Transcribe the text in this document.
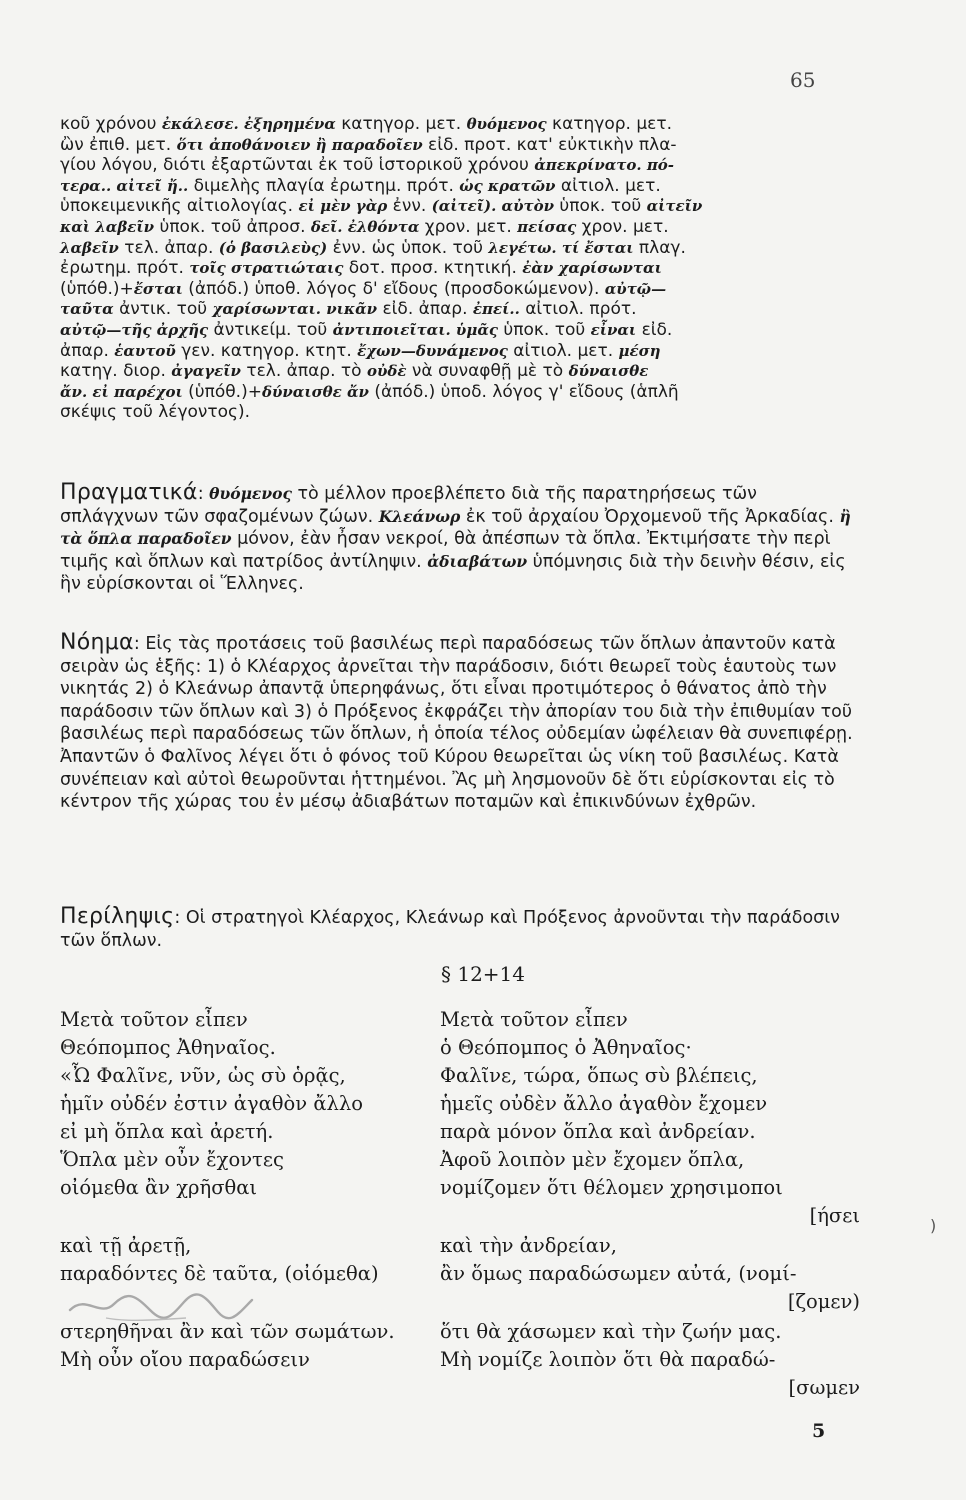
65

κοῦ χρόνου ἐκάλεσε. ἐξηρημένα κατηγορ. μετ. θυόμενος κατηγορ. μετ.

ὢν ἐπιθ. μετ. ὅτι ἀποθάνοιεν ἢ παραδοῖεν εἰδ. προτ. κατ' εὐκτικὴν πλα-

γίου λόγου, διότι ἐξαρτῶνται ἐκ τοῦ ἱστορικοῦ χρόνου ἀπεκρίνατο. πό-

τερα.. αἰτεῖ ἤ.. διμελὴς πλαγία ἐρωτημ. πρότ. ὡς κρατῶν αἰτιολ. μετ.

ὑποκειμενικῆς αἰτιολογίας. εἰ μὲν γὰρ ἐνν. (αἰτεῖ). αὐτὸν ὑποκ. τοῦ αἰτεῖν

καὶ λαβεῖν ὑποκ. τοῦ ἀπροσ. δεῖ. ἐλθόντα χρον. μετ. πείσας χρον. μετ.

λαβεῖν τελ. ἀπαρ. (ὁ βασιλεὺς) ἐνν. ὡς ὑποκ. τοῦ λεγέτω. τί ἔσται πλαγ.

ἐρωτημ. πρότ. τοῖς στρατιώταις δοτ. προσ. κτητική. ἐὰν χαρίσωνται

(ὑπόθ.)+ἔσται (ἀπόδ.) ὑποθ. λόγος δ' εἴδους (προσδοκώμενον). αὐτῷ—

ταῦτα ἀντικ. τοῦ χαρίσωνται. νικᾶν εἰδ. ἀπαρ. ἐπεί.. αἰτιολ. πρότ.

αὐτῷ—τῆς ἀρχῆς ἀντικείμ. τοῦ ἀντιποιεῖται. ὑμᾶς ὑποκ. τοῦ εἶναι εἰδ.

ἀπαρ. ἑαυτοῦ γεν. κατηγορ. κτητ. ἔχων—δυνάμενος αἰτιολ. μετ. μέση

κατηγ. διορ. ἀγαγεῖν τελ. ἀπαρ. τὸ οὐδὲ νὰ συναφθῇ μὲ τὸ δύναισθε

ἄν. εἰ παρέχοι (ὑπόθ.)+δύναισθε ἄν (ἀπόδ.) ὑποδ. λόγος γ' εἴδους (ἁπλῆ

σκέψις τοῦ λέγοντος).

Πραγματικά: θυόμενος τὸ μέλλον προεβλέπετο διὰ τῆς παρατηρήσεως τῶν σπλάγχνων τῶν σφαζομένων ζώων. Κλεάνωρ ἐκ τοῦ ἀρχαίου Ὀρχομενοῦ τῆς Ἀρκαδίας. ἢ τὰ ὅπλα παραδοῖεν μόνον, ἐὰν ἦσαν νεκροί, θὰ ἀπέσπων τὰ ὅπλα. Ἐκτιμήσατε τὴν περὶ τιμῆς καὶ ὅπλων καὶ πατρίδος ἀντίληψιν. ἀδιαβάτων ὑπόμνησις διὰ τὴν δεινὴν θέσιν, εἰς ἣν εὑρίσκονται οἱ Ἕλληνες.

Νόημα: Εἰς τὰς προτάσεις τοῦ βασιλέως περὶ παραδόσεως τῶν ὅπλων ἀπαντοῦν κατὰ σειρὰν ὡς ἑξῆς: 1) ὁ Κλέαρχος ἀρνεῖται τὴν παράδοσιν, διότι θεωρεῖ τοὺς ἑαυτοὺς των νικητάς 2) ὁ Κλεάνωρ ἀπαντᾷ ὑπερηφάνως, ὅτι εἶναι προτιμότερος ὁ θάνατος ἀπὸ τὴν παράδοσιν τῶν ὅπλων καὶ 3) ὁ Πρόξενος ἐκφράζει τὴν ἀπορίαν του διὰ τὴν ἐπιθυμίαν τοῦ βασιλέως περὶ παραδόσεως τῶν ὅπλων, ἡ ὁποία τέλος οὐδεμίαν ὠφέλειαν θὰ συνεπιφέρῃ. Ἀπαντῶν ὁ Φαλῖνος λέγει ὅτι ὁ φόνος τοῦ Κύρου θεωρεῖται ὡς νίκη τοῦ βασιλέως. Κατὰ συνέπειαν καὶ αὐτοὶ θεωροῦνται ἡττημένοι. Ἂς μὴ λησμονοῦν δὲ ὅτι εὑρίσκονται εἰς τὸ κέντρον τῆς χώρας του ἐν μέσῳ ἀδιαβάτων ποταμῶν καὶ ἐπικινδύνων ἐχθρῶν.

Περίληψις: Οἱ στρατηγοὶ Κλέαρχος, Κλεάνωρ καὶ Πρόξενος ἀρνοῦνται τὴν παράδοσιν τῶν ὅπλων.

§ 12+14
Μετὰ τοῦτον εἶπεν
Θεόπομπος Ἀθηναῖος.
«Ὦ Φαλῖνε, νῦν, ὡς σὺ ὁρᾷς,
ἡμῖν οὐδέν ἐστιν ἀγαθὸν ἄλλο
εἰ μὴ ὅπλα καὶ ἀρετή.
Ὅπλα μὲν οὖν ἔχοντες
οἰόμεθα ἂν χρῆσθαι
καὶ τῇ ἀρετῇ,
παραδόντες δὲ ταῦτα, (οἰόμεθα)
στερηθῆναι ἂν καὶ τῶν σωμάτων.
Μὴ οὖν οἴου παραδώσειν
Μετὰ τοῦτον εἶπεν
ὁ Θεόπομπος ὁ Ἀθηναῖος·
Φαλῖνε, τώρα, ὅπως σὺ βλέπεις,
ἡμεῖς οὐδὲν ἄλλο ἀγαθὸν ἔχομεν
παρὰ μόνον ὅπλα καὶ ἀνδρείαν.
Ἀφοῦ λοιπὸν μὲν ἔχομεν ὅπλα,
νομίζομεν ὅτι θέλομεν χρησιμοποι
[ήσει
καὶ τὴν ἀνδρείαν,
ἂν ὅμως παραδώσωμεν αὐτά, (νομί-
[ζομεν)
ὅτι θὰ χάσωμεν καὶ τὴν ζωήν μας.
Μὴ νομίζε λοιπὸν ὅτι θὰ παραδώ-
[σωμεν
)
5
